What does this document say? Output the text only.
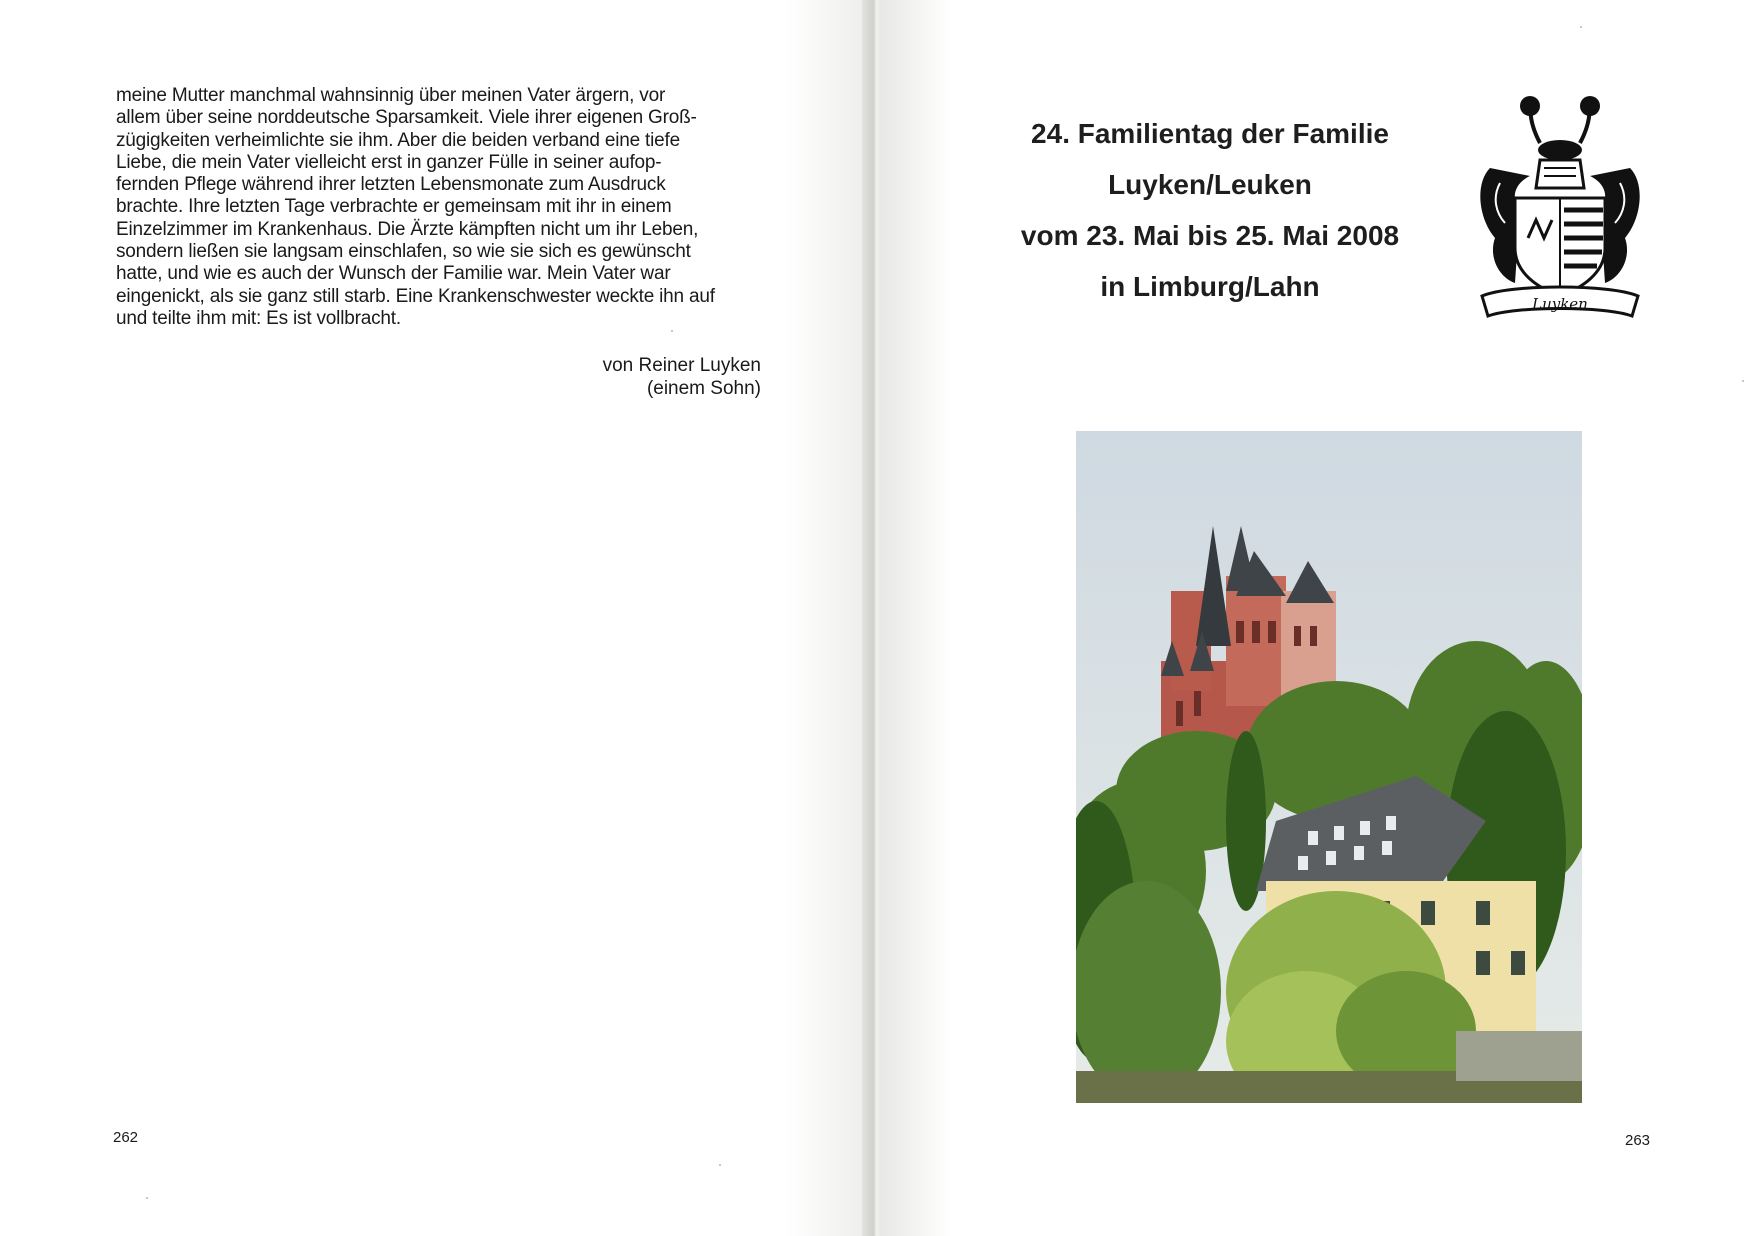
meine Mutter manchmal wahnsinnig über meinen Vater ärgern, vor

allem über seine norddeutsche Sparsamkeit. Viele ihrer eigenen Groß-

zügigkeiten verheimlichte sie ihm. Aber die beiden verband eine tiefe

Liebe, die mein Vater vielleicht erst in ganzer Fülle in seiner aufop-

fernden Pflege während ihrer letzten Lebensmonate zum Ausdruck

brachte. Ihre letzten Tage verbrachte er gemeinsam mit ihr in einem

Einzelzimmer im Krankenhaus. Die Ärzte kämpften nicht um ihr Leben,

sondern ließen sie langsam einschlafen, so wie sie sich es gewünscht

hatte, und wie es auch der Wunsch der Familie war. Mein Vater war

eingenickt, als sie ganz still starb. Eine Krankenschwester weckte ihn auf

und teilte ihm mit: Es ist vollbracht.

von Reiner Luyken
(einem Sohn)
262
24. Familientag der Familie
Luyken/Leuken
vom 23. Mai bis 25. Mai 2008
in Limburg/Lahn
Luyken
263
